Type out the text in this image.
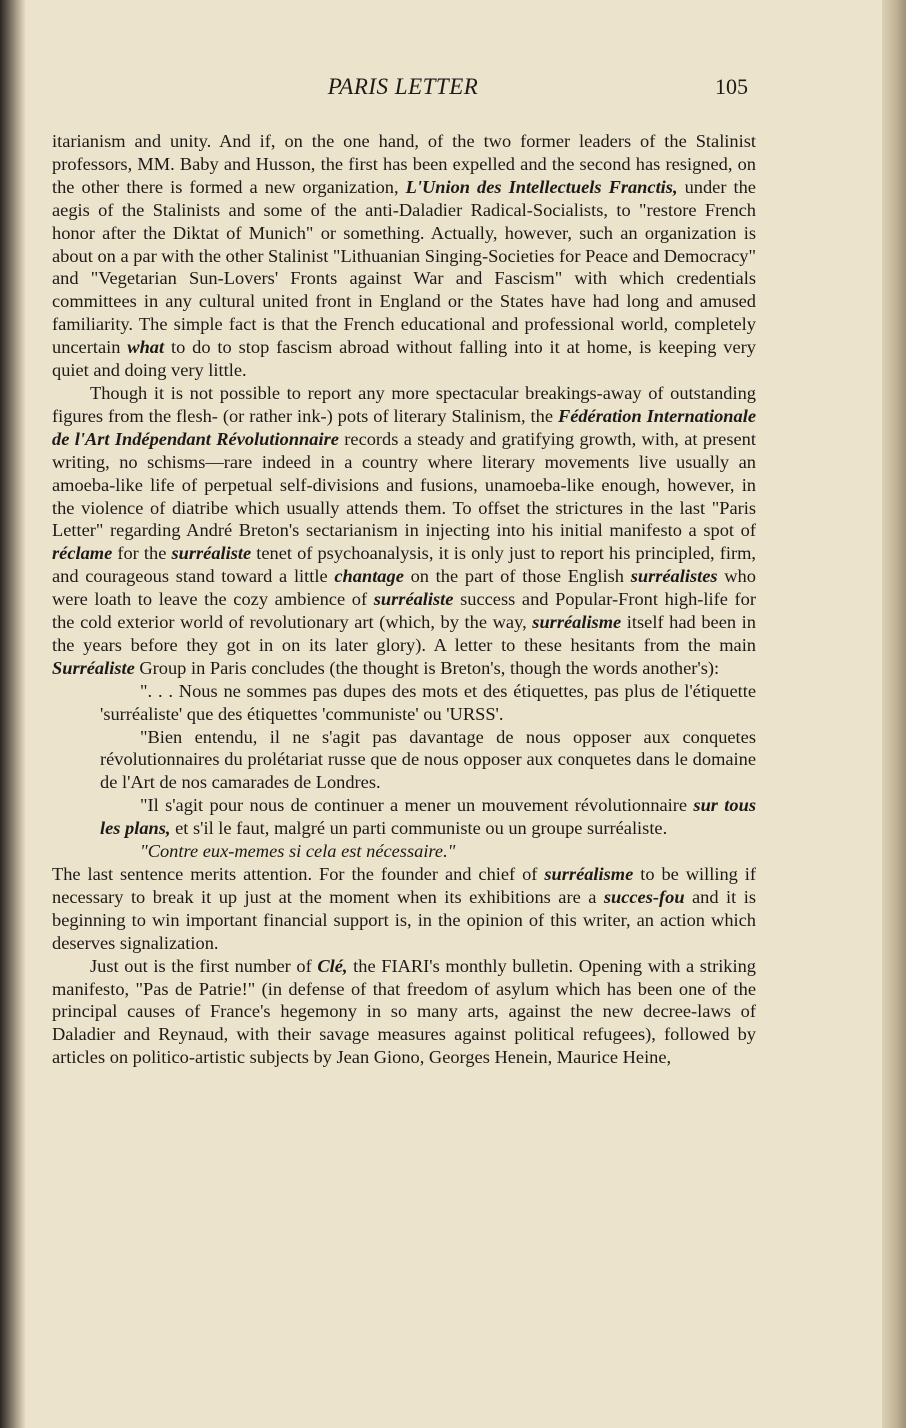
PARIS LETTER	105

itarianism and unity. And if, on the one hand, of the two former leaders of the Stalinist professors, MM. Baby and Husson, the first has been expelled and the second has resigned, on the other there is formed a new organization, L'Union des Intellectuels Franctis, under the aegis of the Stalinists and some of the anti-Daladier Radical-Socialists, to "restore French honor after the Diktat of Munich" or something. Actually, however, such an organization is about on a par with the other Stalinist "Lithuanian Singing-Societies for Peace and Democracy" and "Vegetarian Sun-Lovers' Fronts against War and Fascism" with which credentials committees in any cultural united front in England or the States have had long and amused familiarity. The simple fact is that the French educational and professional world, completely uncertain what to do to stop fascism abroad without falling into it at home, is keeping very quiet and doing very little.

Though it is not possible to report any more spectacular breakings-away of outstanding figures from the flesh- (or rather ink-) pots of literary Stalinism, the Fédération Internationale de l'Art Indépendant Révolutionnaire records a steady and gratifying growth, with, at present writing, no schisms—rare indeed in a country where literary movements live usually an amoeba-like life of perpetual self-divisions and fusions, unamoeba-like enough, however, in the violence of diatribe which usually attends them. To offset the strictures in the last "Paris Letter" regarding André Breton's sectarianism in injecting into his initial manifesto a spot of réclame for the surréaliste tenet of psychoanalysis, it is only just to report his principled, firm, and courageous stand toward a little chantage on the part of those English surréalistes who were loath to leave the cozy ambience of surréaliste success and Popular-Front high-life for the cold exterior world of revolutionary art (which, by the way, surréalisme itself had been in the years before they got in on its later glory). A letter to these hesitants from the main Surréaliste Group in Paris concludes (the thought is Breton's, though the words another's):

". . . Nous ne sommes pas dupes des mots et des étiquettes, pas plus de l'étiquette 'surréaliste' que des étiquettes 'communiste' ou 'URSS'.

"Bien entendu, il ne s'agit pas davantage de nous opposer aux conquetes révolutionnaires du prolétariat russe que de nous opposer aux conquetes dans le domaine de l'Art de nos camarades de Londres.

"Il s'agit pour nous de continuer a mener un mouvement révolutionnaire sur tous les plans, et s'il le faut, malgré un parti communiste ou un groupe surréaliste.

"Contre eux-memes si cela est nécessaire."

The last sentence merits attention. For the founder and chief of surréalisme to be willing if necessary to break it up just at the moment when its exhibitions are a succes-fou and it is beginning to win important financial support is, in the opinion of this writer, an action which deserves signalization.

Just out is the first number of Clé, the FIARI's monthly bulletin. Opening with a striking manifesto, "Pas de Patrie!" (in defense of that freedom of asylum which has been one of the principal causes of France's hegemony in so many arts, against the new decree-laws of Daladier and Reynaud, with their savage measures against political refugees), followed by articles on politico-artistic subjects by Jean Giono, Georges Henein, Maurice Heine,
